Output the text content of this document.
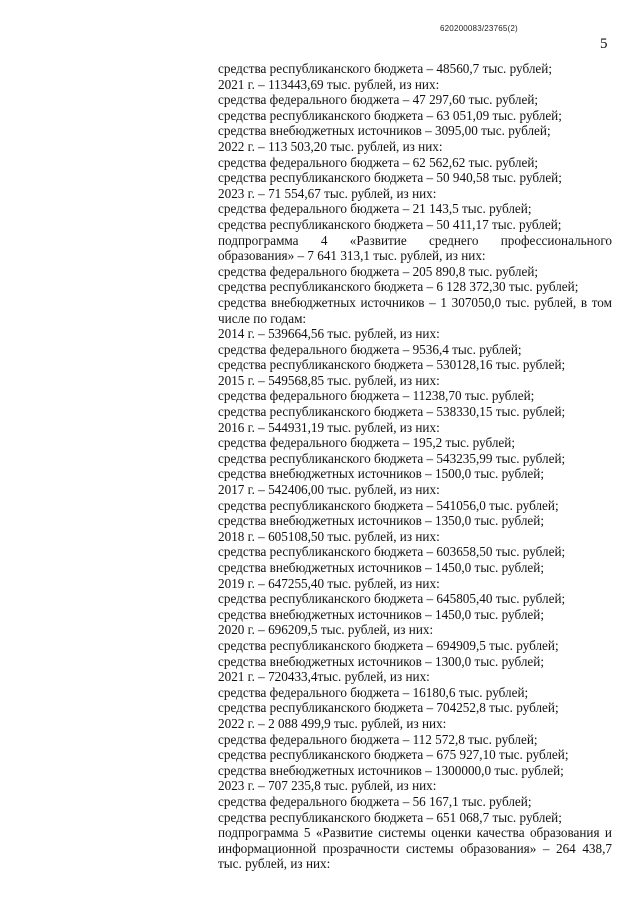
620200083/23765(2)
5
средства республиканского бюджета – 48560,7 тыс. рублей;
2021 г. – 113443,69 тыс. рублей, из них:
средства федерального бюджета – 47 297,60 тыс. рублей;
средства республиканского бюджета – 63 051,09 тыс. рублей;
средства внебюджетных источников – 3095,00 тыс. рублей;
2022 г. – 113 503,20 тыс. рублей, из них:
средства федерального бюджета – 62 562,62 тыс. рублей;
средства республиканского бюджета – 50 940,58 тыс. рублей;
2023 г. – 71 554,67 тыс. рублей, из них:
средства федерального бюджета – 21 143,5 тыс. рублей;
средства республиканского бюджета – 50 411,17 тыс. рублей;
подпрограмма 4 «Развитие среднего профессионального образования» – 7 641 313,1 тыс. рублей, из них:
средства федерального бюджета – 205 890,8 тыс. рублей;
средства республиканского бюджета – 6 128 372,30 тыс. рублей;
средства внебюджетных источников – 1 307050,0 тыс. рублей, в том числе по годам:
2014 г. – 539664,56 тыс. рублей, из них:
средства федерального бюджета – 9536,4 тыс. рублей;
средства республиканского бюджета – 530128,16 тыс. рублей;
2015 г. – 549568,85 тыс. рублей, из них:
средства федерального бюджета – 11238,70 тыс. рублей;
средства республиканского бюджета – 538330,15 тыс. рублей;
2016 г. – 544931,19 тыс. рублей, из них:
средства федерального бюджета – 195,2 тыс. рублей;
средства республиканского бюджета – 543235,99 тыс. рублей;
средства внебюджетных источников – 1500,0 тыс. рублей;
2017 г. – 542406,00 тыс. рублей, из них:
средства республиканского бюджета – 541056,0 тыс. рублей;
средства внебюджетных источников – 1350,0 тыс. рублей;
2018 г. – 605108,50 тыс. рублей, из них:
средства республиканского бюджета – 603658,50 тыс. рублей;
средства внебюджетных источников – 1450,0 тыс. рублей;
2019 г. – 647255,40 тыс. рублей, из них:
средства республиканского бюджета – 645805,40 тыс. рублей;
средства внебюджетных источников – 1450,0 тыс. рублей;
2020 г. – 696209,5 тыс. рублей, из них:
средства республиканского бюджета – 694909,5 тыс. рублей;
средства внебюджетных источников – 1300,0 тыс. рублей;
2021 г. – 720433,4тыс. рублей, из них:
средства федерального бюджета – 16180,6 тыс. рублей;
средства республиканского бюджета – 704252,8 тыс. рублей;
2022 г. – 2 088 499,9 тыс. рублей, из них:
средства федерального бюджета – 112 572,8 тыс. рублей;
средства республиканского бюджета – 675 927,10 тыс. рублей;
средства внебюджетных источников – 1300000,0 тыс. рублей;
2023 г. – 707 235,8 тыс. рублей, из них:
средства федерального бюджета – 56 167,1 тыс. рублей;
средства республиканского бюджета – 651 068,7 тыс. рублей;
подпрограмма 5 «Развитие системы оценки качества образования и информационной прозрачности системы образования» – 264 438,7 тыс. рублей, из них:
